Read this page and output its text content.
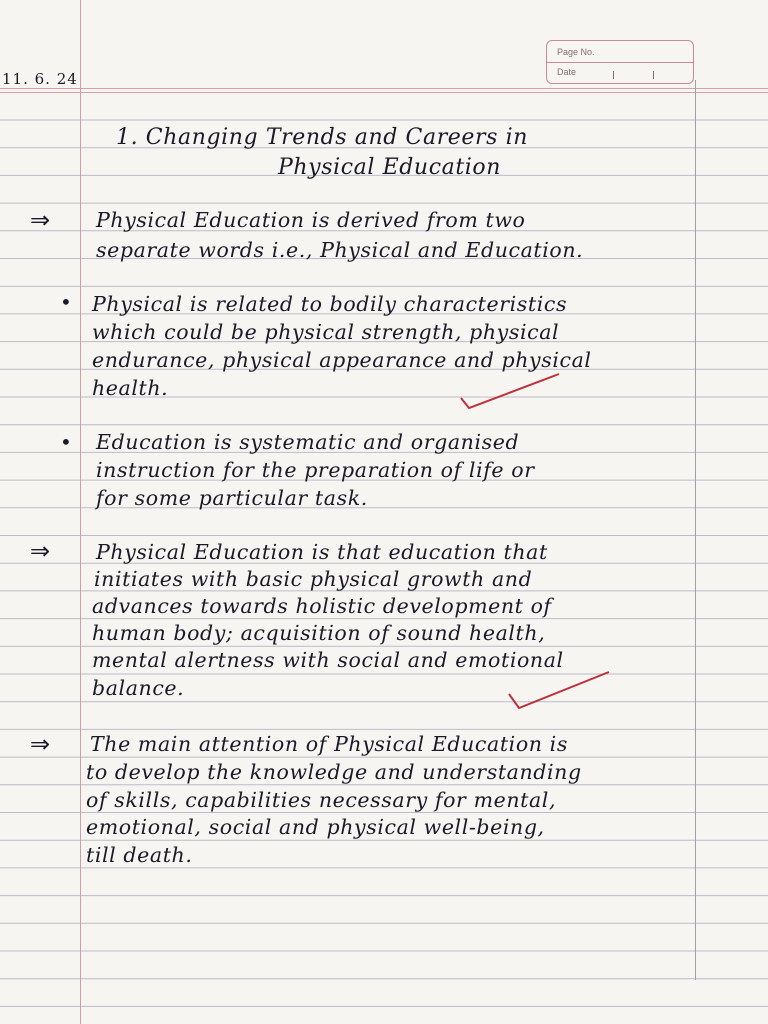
Page No.
Date
11. 6. 24
1. Changing Trends and Careers in
Physical Education
⇒ Physical Education is derived from two
separate words i.e., Physical and Education.
• Physical is related to bodily characteristics
which could be physical strength, physical
endurance, physical appearance and physical
health.
• Education is systematic and organised
instruction for the preparation of life or
for some particular task.
⇒ Physical Education is that education that
initiates with basic physical growth and
advances towards holistic development of
human body; acquisition of sound health,
mental alertness with social and emotional
balance.
⇒ The main attention of Physical Education is
to develop the knowledge and understanding
of skills, capabilities necessary for mental,
emotional, social and physical well-being,
till death.
